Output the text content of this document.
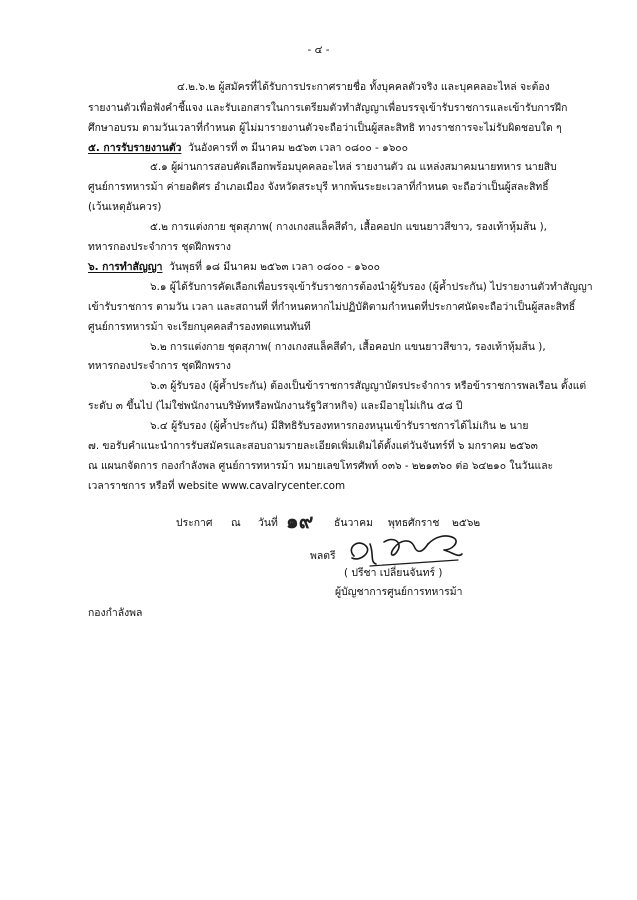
- ๔ -
๔.๒.๖.๒ ผู้สมัครที่ได้รับการประกาศรายชื่อ ทั้งบุคคลตัวจริง และบุคคลอะไหล่ จะต้อง
รายงานตัวเพื่อฟังคำชี้แจง และรับเอกสารในการเตรียมตัวทำสัญญาเพื่อบรรจุเข้ารับราชการและเข้ารับการฝึก
ศึกษาอบรม ตามวันเวลาที่กำหนด ผู้ไม่มารายงานตัวจะถือว่าเป็นผู้สละสิทธิ ทางราชการจะไม่รับผิดชอบใด ๆ
๕. การรับรายงานตัว วันอังคารที่ ๓ มีนาคม ๒๕๖๓ เวลา ๐๘๐๐ - ๑๖๐๐
๕.๑ ผู้ผ่านการสอบคัดเลือกพร้อมบุคคลอะไหล่ รายงานตัว ณ แหล่งสมาคมนายทหาร นายสิบ
ศูนย์การทหารม้า ค่ายอดิศร อำเภอเมือง จังหวัดสระบุรี หากพ้นระยะเวลาที่กำหนด จะถือว่าเป็นผู้สละสิทธิ์
(เว้นเหตุอันควร)
๕.๒ การแต่งกาย ชุดสุภาพ( กางเกงสแล็คสีดำ, เสื้อคอปก แขนยาวสีขาว, รองเท้าหุ้มส้น ),
ทหารกองประจำการ ชุดฝึกพราง
๖. การทำสัญญา วันพุธที่ ๑๘ มีนาคม ๒๕๖๓ เวลา ๐๘๐๐ - ๑๖๐๐
๖.๑ ผู้ได้รับการคัดเลือกเพื่อบรรจุเข้ารับราชการต้องนำผู้รับรอง (ผู้ค้ำประกัน) ไปรายงานตัวทำสัญญา
เข้ารับราชการ ตามวัน เวลา และสถานที่ ที่กำหนดหากไม่ปฏิบัติตามกำหนดที่ประกาศนัดจะถือว่าเป็นผู้สละสิทธิ์
ศูนย์การทหารม้า จะเรียกบุคคลสำรองทดแทนทันที
๖.๒ การแต่งกาย ชุดสุภาพ( กางเกงสแล็คสีดำ, เสื้อคอปก แขนยาวสีขาว, รองเท้าหุ้มส้น ),
ทหารกองประจำการ ชุดฝึกพราง
๖.๓ ผู้รับรอง (ผู้ค้ำประกัน) ต้องเป็นข้าราชการสัญญาบัตรประจำการ หรือข้าราชการพลเรือน ตั้งแต่
ระดับ ๓ ขึ้นไป (ไม่ใช่พนักงานบริษัทหรือพนักงานรัฐวิสาหกิจ) และมีอายุไม่เกิน ๕๘ ปี
๖.๔ ผู้รับรอง (ผู้ค้ำประกัน) มีสิทธิรับรองทหารกองหนุนเข้ารับราชการได้ไม่เกิน ๒ นาย
๗. ขอรับคำแนะนำการรับสมัครและสอบถามรายละเอียดเพิ่มเติมได้ตั้งแต่วันจันทร์ที่ ๖ มกราคม ๒๕๖๓
ณ แผนกจัดการ กองกำลังพล ศูนย์การทหารม้า หมายเลขโทรศัพท์ ๐๓๖ - ๒๒๑๓๖๐ ต่อ ๖๔๒๑๐ ในวันและ
เวลาราชการ หรือที่ website www.cavalrycenter.com
ประกาศ ณ วันที่ ๑๙ ธันวาคม พุทธศักราช ๒๕๖๒
พลตรี
( ปรีชา เปลี่ยนจันทร์ )
ผู้บัญชาการศูนย์การทหารม้า
กองกำลังพล
